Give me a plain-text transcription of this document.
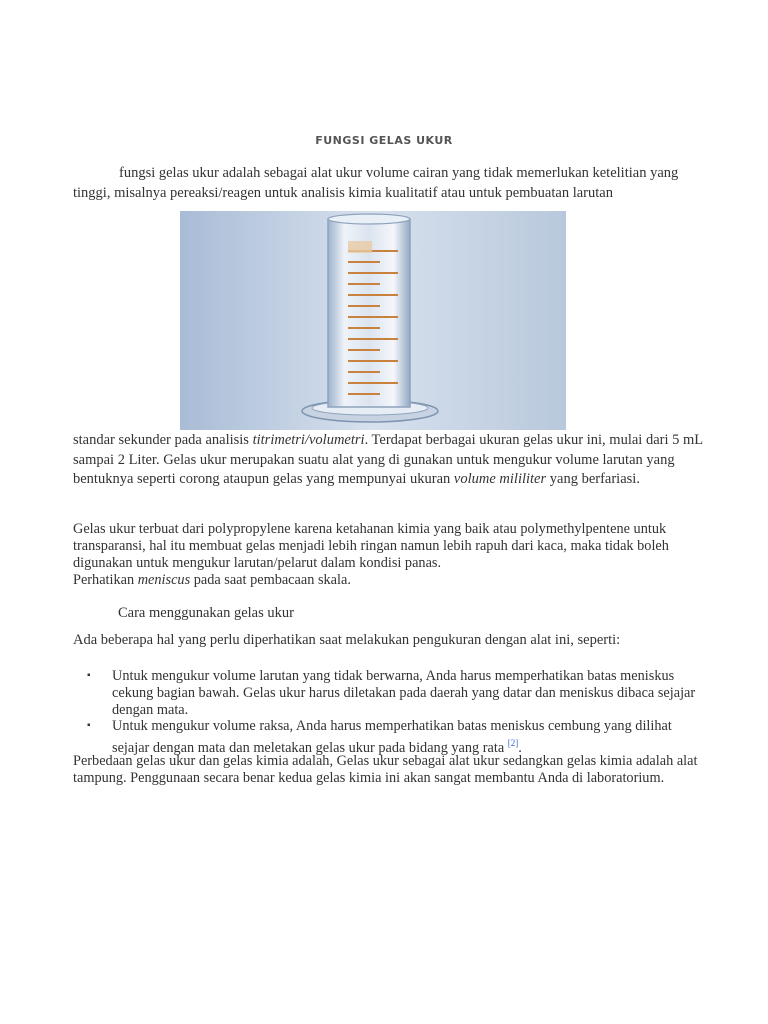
FUNGSI GELAS UKUR
fungsi gelas ukur adalah sebagai alat ukur volume cairan yang tidak memerlukan ketelitian yang tinggi, misalnya pereaksi/reagen untuk analisis kimia kualitatif atau untuk pembuatan larutan
standar sekunder pada analisis titrimetri/volumetri. Terdapat berbagai ukuran gelas ukur ini, mulai dari 5 mL sampai 2 Liter. Gelas ukur merupakan suatu alat yang di gunakan untuk mengukur volume larutan yang bentuknya seperti corong ataupun gelas yang mempunyai ukuran volume mililiter yang berfariasi.
Gelas ukur terbuat dari polypropylene karena ketahanan kimia yang baik atau polymethylpentene untuk transparansi, hal itu membuat gelas menjadi lebih ringan namun lebih rapuh dari kaca, maka tidak boleh digunakan untuk mengukur larutan/pelarut dalam kondisi panas.
Perhatikan meniscus pada saat pembacaan skala.
Cara menggunakan gelas ukur
Ada beberapa hal yang perlu diperhatikan saat melakukan pengukuran dengan alat ini, seperti:
▪ Untuk mengukur volume larutan yang tidak berwarna, Anda harus memperhatikan batas meniskus cekung bagian bawah. Gelas ukur harus diletakan pada daerah yang datar dan meniskus dibaca sejajar dengan mata.
▪ Untuk mengukur volume raksa, Anda harus memperhatikan batas meniskus cembung yang dilihat sejajar dengan mata dan meletakan gelas ukur pada bidang yang rata [2].
Perbedaan gelas ukur dan gelas kimia adalah, Gelas ukur sebagai alat ukur sedangkan gelas kimia adalah alat tampung. Penggunaan secara benar kedua gelas kimia ini akan sangat membantu Anda di laboratorium.
